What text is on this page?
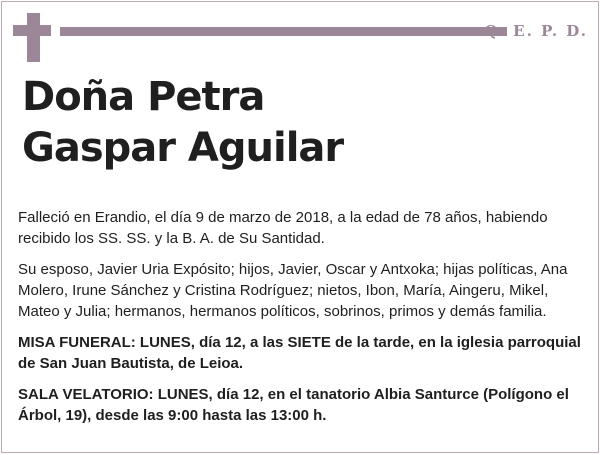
Q. E. P. D.
Doña Petra
Gaspar Aguilar

Falleció en Erandio, el día 9 de marzo de 2018, a la edad de 78 años, habiendo recibido los SS. SS. y la B. A. de Su Santidad.

Su esposo, Javier Uria Expósito; hijos, Javier, Oscar y Antxoka; hijas políticas, Ana Molero, Irune Sánchez y Cristina Rodríguez; nietos, Ibon, María, Aingeru, Mikel, Mateo y Julia; hermanos, hermanos políticos, sobrinos, primos y demás familia.

MISA FUNERAL: LUNES, día 12, a las SIETE de la tarde, en la iglesia parroquial de San Juan Bautista, de Leioa.

SALA VELATORIO: LUNES, día 12, en el tanatorio Albia Santurce (Polígono el Árbol, 19), desde las 9:00 hasta las 13:00 h.
